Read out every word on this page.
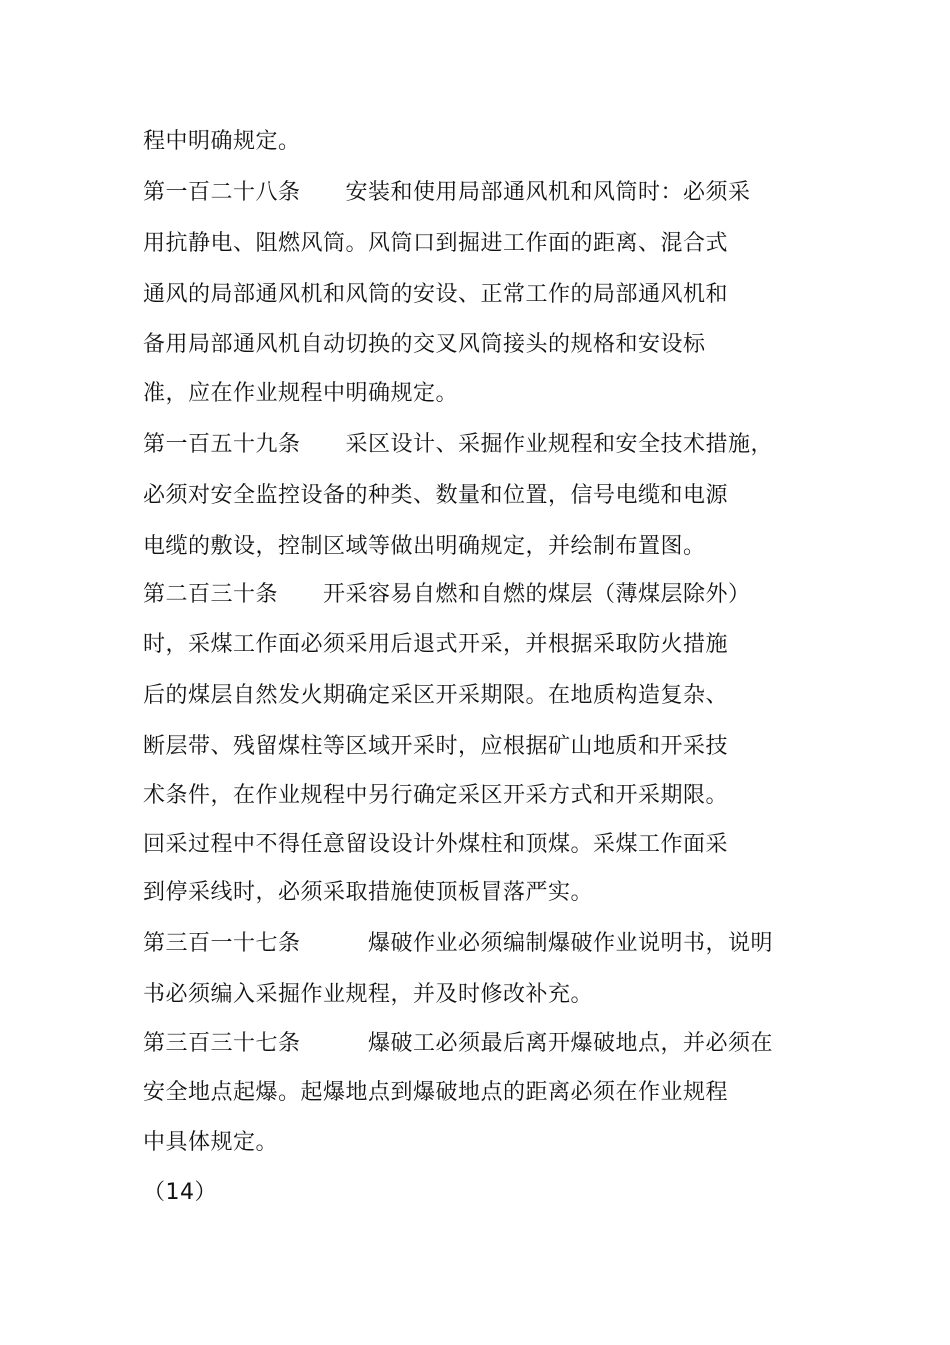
程中明确规定。
第一百二十八条　　安装和使用局部通风机和风筒时：必须采
用抗静电、阻燃风筒。风筒口到掘进工作面的距离、混合式
通风的局部通风机和风筒的安设、正常工作的局部通风机和
备用局部通风机自动切换的交叉风筒接头的规格和安设标
准，应在作业规程中明确规定。
第一百五十九条　　采区设计、采掘作业规程和安全技术措施，
必须对安全监控设备的种类、数量和位置，信号电缆和电源
电缆的敷设，控制区域等做出明确规定，并绘制布置图。
第二百三十条　　开采容易自燃和自燃的煤层（薄煤层除外）
时，采煤工作面必须采用后退式开采，并根据采取防火措施
后的煤层自然发火期确定采区开采期限。在地质构造复杂、
断层带、残留煤柱等区域开采时，应根据矿山地质和开采技
术条件，在作业规程中另行确定采区开采方式和开采期限。
回采过程中不得任意留设设计外煤柱和顶煤。采煤工作面采
到停采线时，必须采取措施使顶板冒落严实。
第三百一十七条　　　爆破作业必须编制爆破作业说明书，说明
书必须编入采掘作业规程，并及时修改补充。
第三百三十七条　　　爆破工必须最后离开爆破地点，并必须在
安全地点起爆。起爆地点到爆破地点的距离必须在作业规程
中具体规定。
（14）
